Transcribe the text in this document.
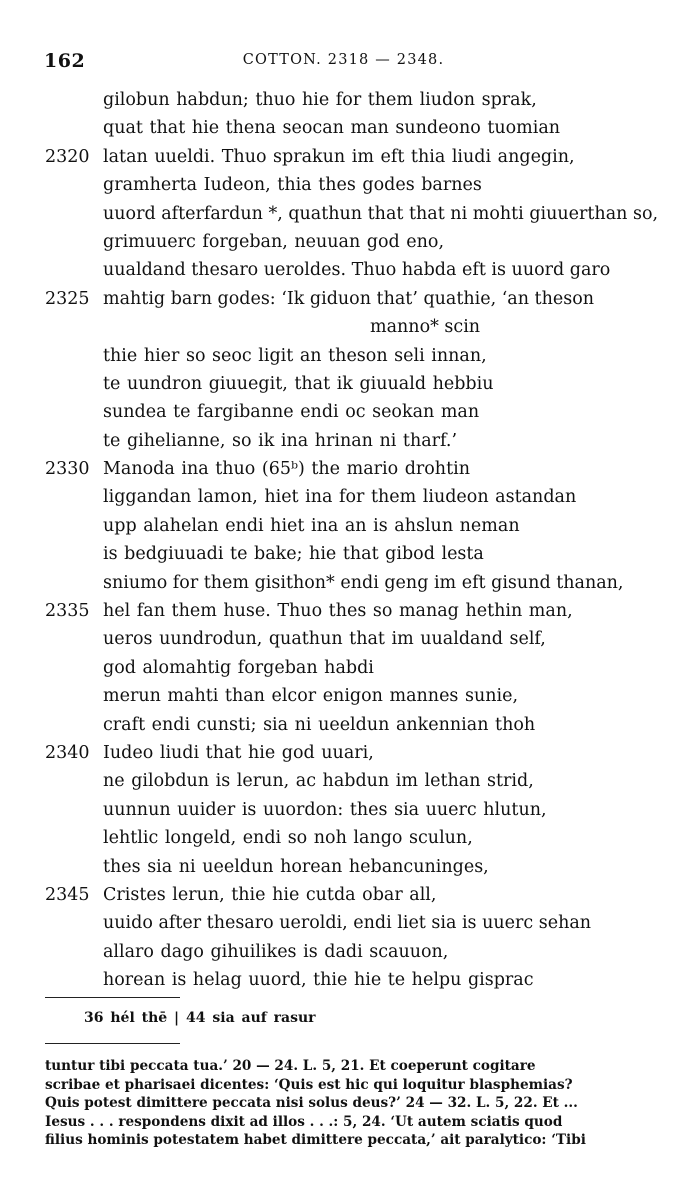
162	COTTON. 2318 — 2348.
gilobun habdun; thuo hie for them liudon sprak,
quat that hie thena seocan man sundeono tuomian
2320 latan uueldi. Thuo sprakun im eft thia liudi angegin,
gramherta Iudeon, thia thes godes barnes
uuord afterfardun *, quathun that that ni mohti giuuerthan so,
grimuuerc forgeban, neuuan god eno,
uualdand thesaro ueroldes. Thuo habda eft is uuord garo
2325 mahtig barn godes: ‘Ik giduon that’ quathie, ‘an theson
manno* scin
thie hier so seoc ligit an theson seli innan,
te uundron giuuegit, that ik giuuald hebbiu
sundea te fargibanne endi oc seokan man
te gihelianne, so ik ina hrinan ni tharf.’
2330 Manoda ina thuo (65ᵇ) the mario drohtin
liggandan lamon, hiet ina for them liudeon astandan
upp alahelan endi hiet ina an is ahslun neman
is bedgiuuadi te bake; hie that gibod lesta
sniumo for them gisithon* endi geng im eft gisund thanan,
2335 hel fan them huse. Thuo thes so manag hethin man,
ueros uundrodun, quathun that im uualdand self,
god alomahtig forgeban habdi
merun mahti than elcor enigon mannes sunie,
craft endi cunsti; sia ni ueeldun ankennian thoh
2340 Iudeo liudi that hie god uuari,
ne gilobdun is lerun, ac habdun im lethan strid,
uunnun uuider is uuordon: thes sia uuerc hlutun,
lehtlic longeld, endi so noh lango sculun,
thes sia ni ueeldun horean hebancuninges,
2345 Cristes lerun, thie hie cutda obar all,
uuido after thesaro ueroldi, endi liet sia is uuerc sehan
allaro dago gihuilikes is dadi scauuon,
horean is helag uuord, thie hie te helpu gisprac
36 hél thē | 44 sia auf rasur
tuntur tibi peccata tua.’ 20 — 24. L. 5, 21. Et coeperunt cogitare
scribae et pharisaei dicentes: ‘Quis est hic qui loquitur blasphemias?
Quis potest dimittere peccata nisi solus deus?’ 24 — 32. L. 5, 22. Et ...
Iesus . . . respondens dixit ad illos . . .: 5, 24. ‘Ut autem sciatis quod
filius hominis potestatem habet dimittere peccata,’ ait paralytico: ‘Tibi
